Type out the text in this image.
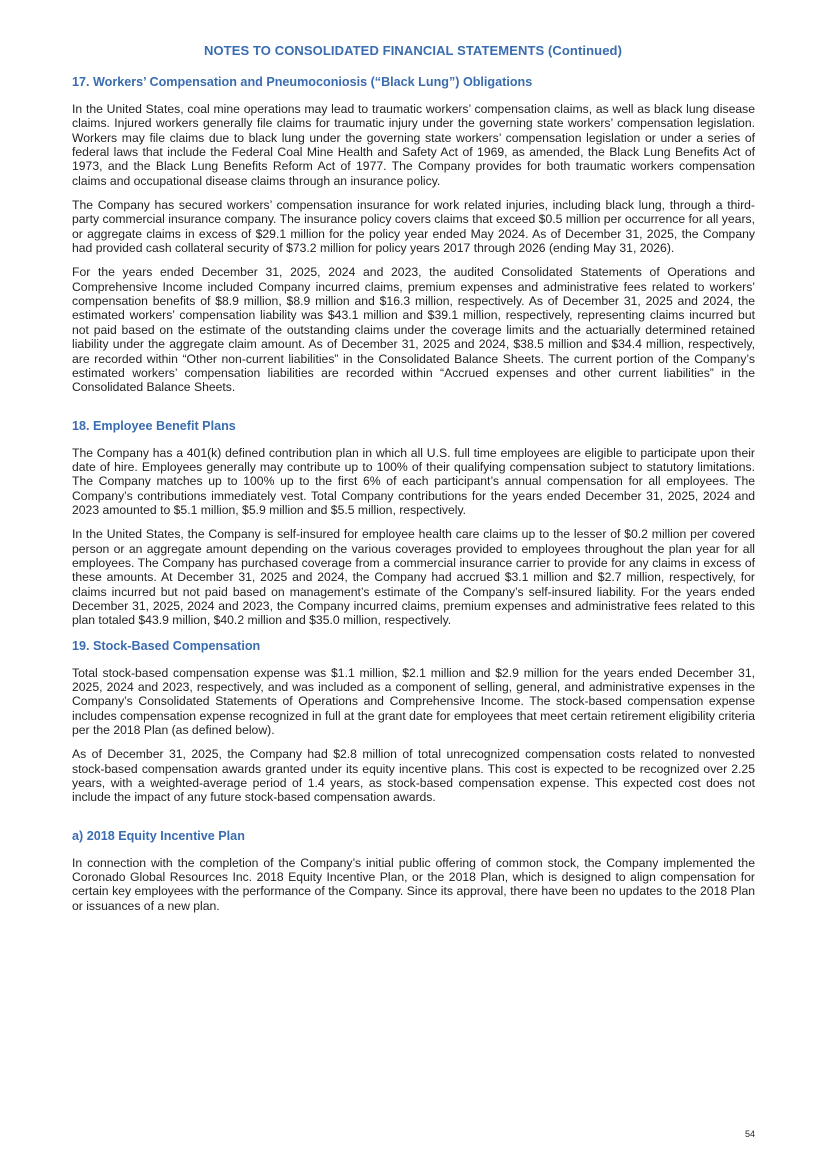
NOTES TO CONSOLIDATED FINANCIAL STATEMENTS (Continued)
17. Workers’ Compensation and Pneumoconiosis (“Black Lung”) Obligations

In the United States, coal mine operations may lead to traumatic workers’ compensation claims, as well as black lung disease claims. Injured workers generally file claims for traumatic injury under the governing state workers’ compensation legislation. Workers may file claims due to black lung under the governing state workers’ compensation legislation or under a series of federal laws that include the Federal Coal Mine Health and Safety Act of 1969, as amended, the Black Lung Benefits Act of 1973, and the Black Lung Benefits Reform Act of 1977. The Company provides for both traumatic workers compensation claims and occupational disease claims through an insurance policy.

The Company has secured workers’ compensation insurance for work related injuries, including black lung, through a third-party commercial insurance company. The insurance policy covers claims that exceed $0.5 million per occurrence for all years, or aggregate claims in excess of $29.1 million for the policy year ended May 2024. As of December 31, 2025, the Company had provided cash collateral security of $73.2 million for policy years 2017 through 2026 (ending May 31, 2026).

For the years ended December 31, 2025, 2024 and 2023, the audited Consolidated Statements of Operations and Comprehensive Income included Company incurred claims, premium expenses and administrative fees related to workers’ compensation benefits of $8.9 million, $8.9 million and $16.3 million, respectively. As of December 31, 2025 and 2024, the estimated workers’ compensation liability was $43.1 million and $39.1 million, respectively, representing claims incurred but not paid based on the estimate of the outstanding claims under the coverage limits and the actuarially determined retained liability under the aggregate claim amount. As of December 31, 2025 and 2024, $38.5 million and $34.4 million, respectively, are recorded within “Other non-current liabilities” in the Consolidated Balance Sheets. The current portion of the Company’s estimated workers’ compensation liabilities are recorded within “Accrued expenses and other current liabilities” in the Consolidated Balance Sheets.

18. Employee Benefit Plans

The Company has a 401(k) defined contribution plan in which all U.S. full time employees are eligible to participate upon their date of hire. Employees generally may contribute up to 100% of their qualifying compensation subject to statutory limitations. The Company matches up to 100% up to the first 6% of each participant’s annual compensation for all employees. The Company’s contributions immediately vest. Total Company contributions for the years ended December 31, 2025, 2024 and 2023 amounted to $5.1 million, $5.9 million and $5.5 million, respectively.

In the United States, the Company is self-insured for employee health care claims up to the lesser of $0.2 million per covered person or an aggregate amount depending on the various coverages provided to employees throughout the plan year for all employees. The Company has purchased coverage from a commercial insurance carrier to provide for any claims in excess of these amounts. At December 31, 2025 and 2024, the Company had accrued $3.1 million and $2.7 million, respectively, for claims incurred but not paid based on management’s estimate of the Company’s self-insured liability. For the years ended December 31, 2025, 2024 and 2023, the Company incurred claims, premium expenses and administrative fees related to this plan totaled $43.9 million, $40.2 million and $35.0 million, respectively.

19. Stock-Based Compensation

Total stock-based compensation expense was $1.1 million, $2.1 million and $2.9 million for the years ended December 31, 2025, 2024 and 2023, respectively, and was included as a component of selling, general, and administrative expenses in the Company’s Consolidated Statements of Operations and Comprehensive Income. The stock-based compensation expense includes compensation expense recognized in full at the grant date for employees that meet certain retirement eligibility criteria per the 2018 Plan (as defined below).

As of December 31, 2025, the Company had $2.8 million of total unrecognized compensation costs related to nonvested stock-based compensation awards granted under its equity incentive plans. This cost is expected to be recognized over 2.25 years, with a weighted-average period of 1.4 years, as stock-based compensation expense. This expected cost does not include the impact of any future stock-based compensation awards.

a) 2018 Equity Incentive Plan

In connection with the completion of the Company’s initial public offering of common stock, the Company implemented the Coronado Global Resources Inc. 2018 Equity Incentive Plan, or the 2018 Plan, which is designed to align compensation for certain key employees with the performance of the Company. Since its approval, there have been no updates to the 2018 Plan or issuances of a new plan.

54
